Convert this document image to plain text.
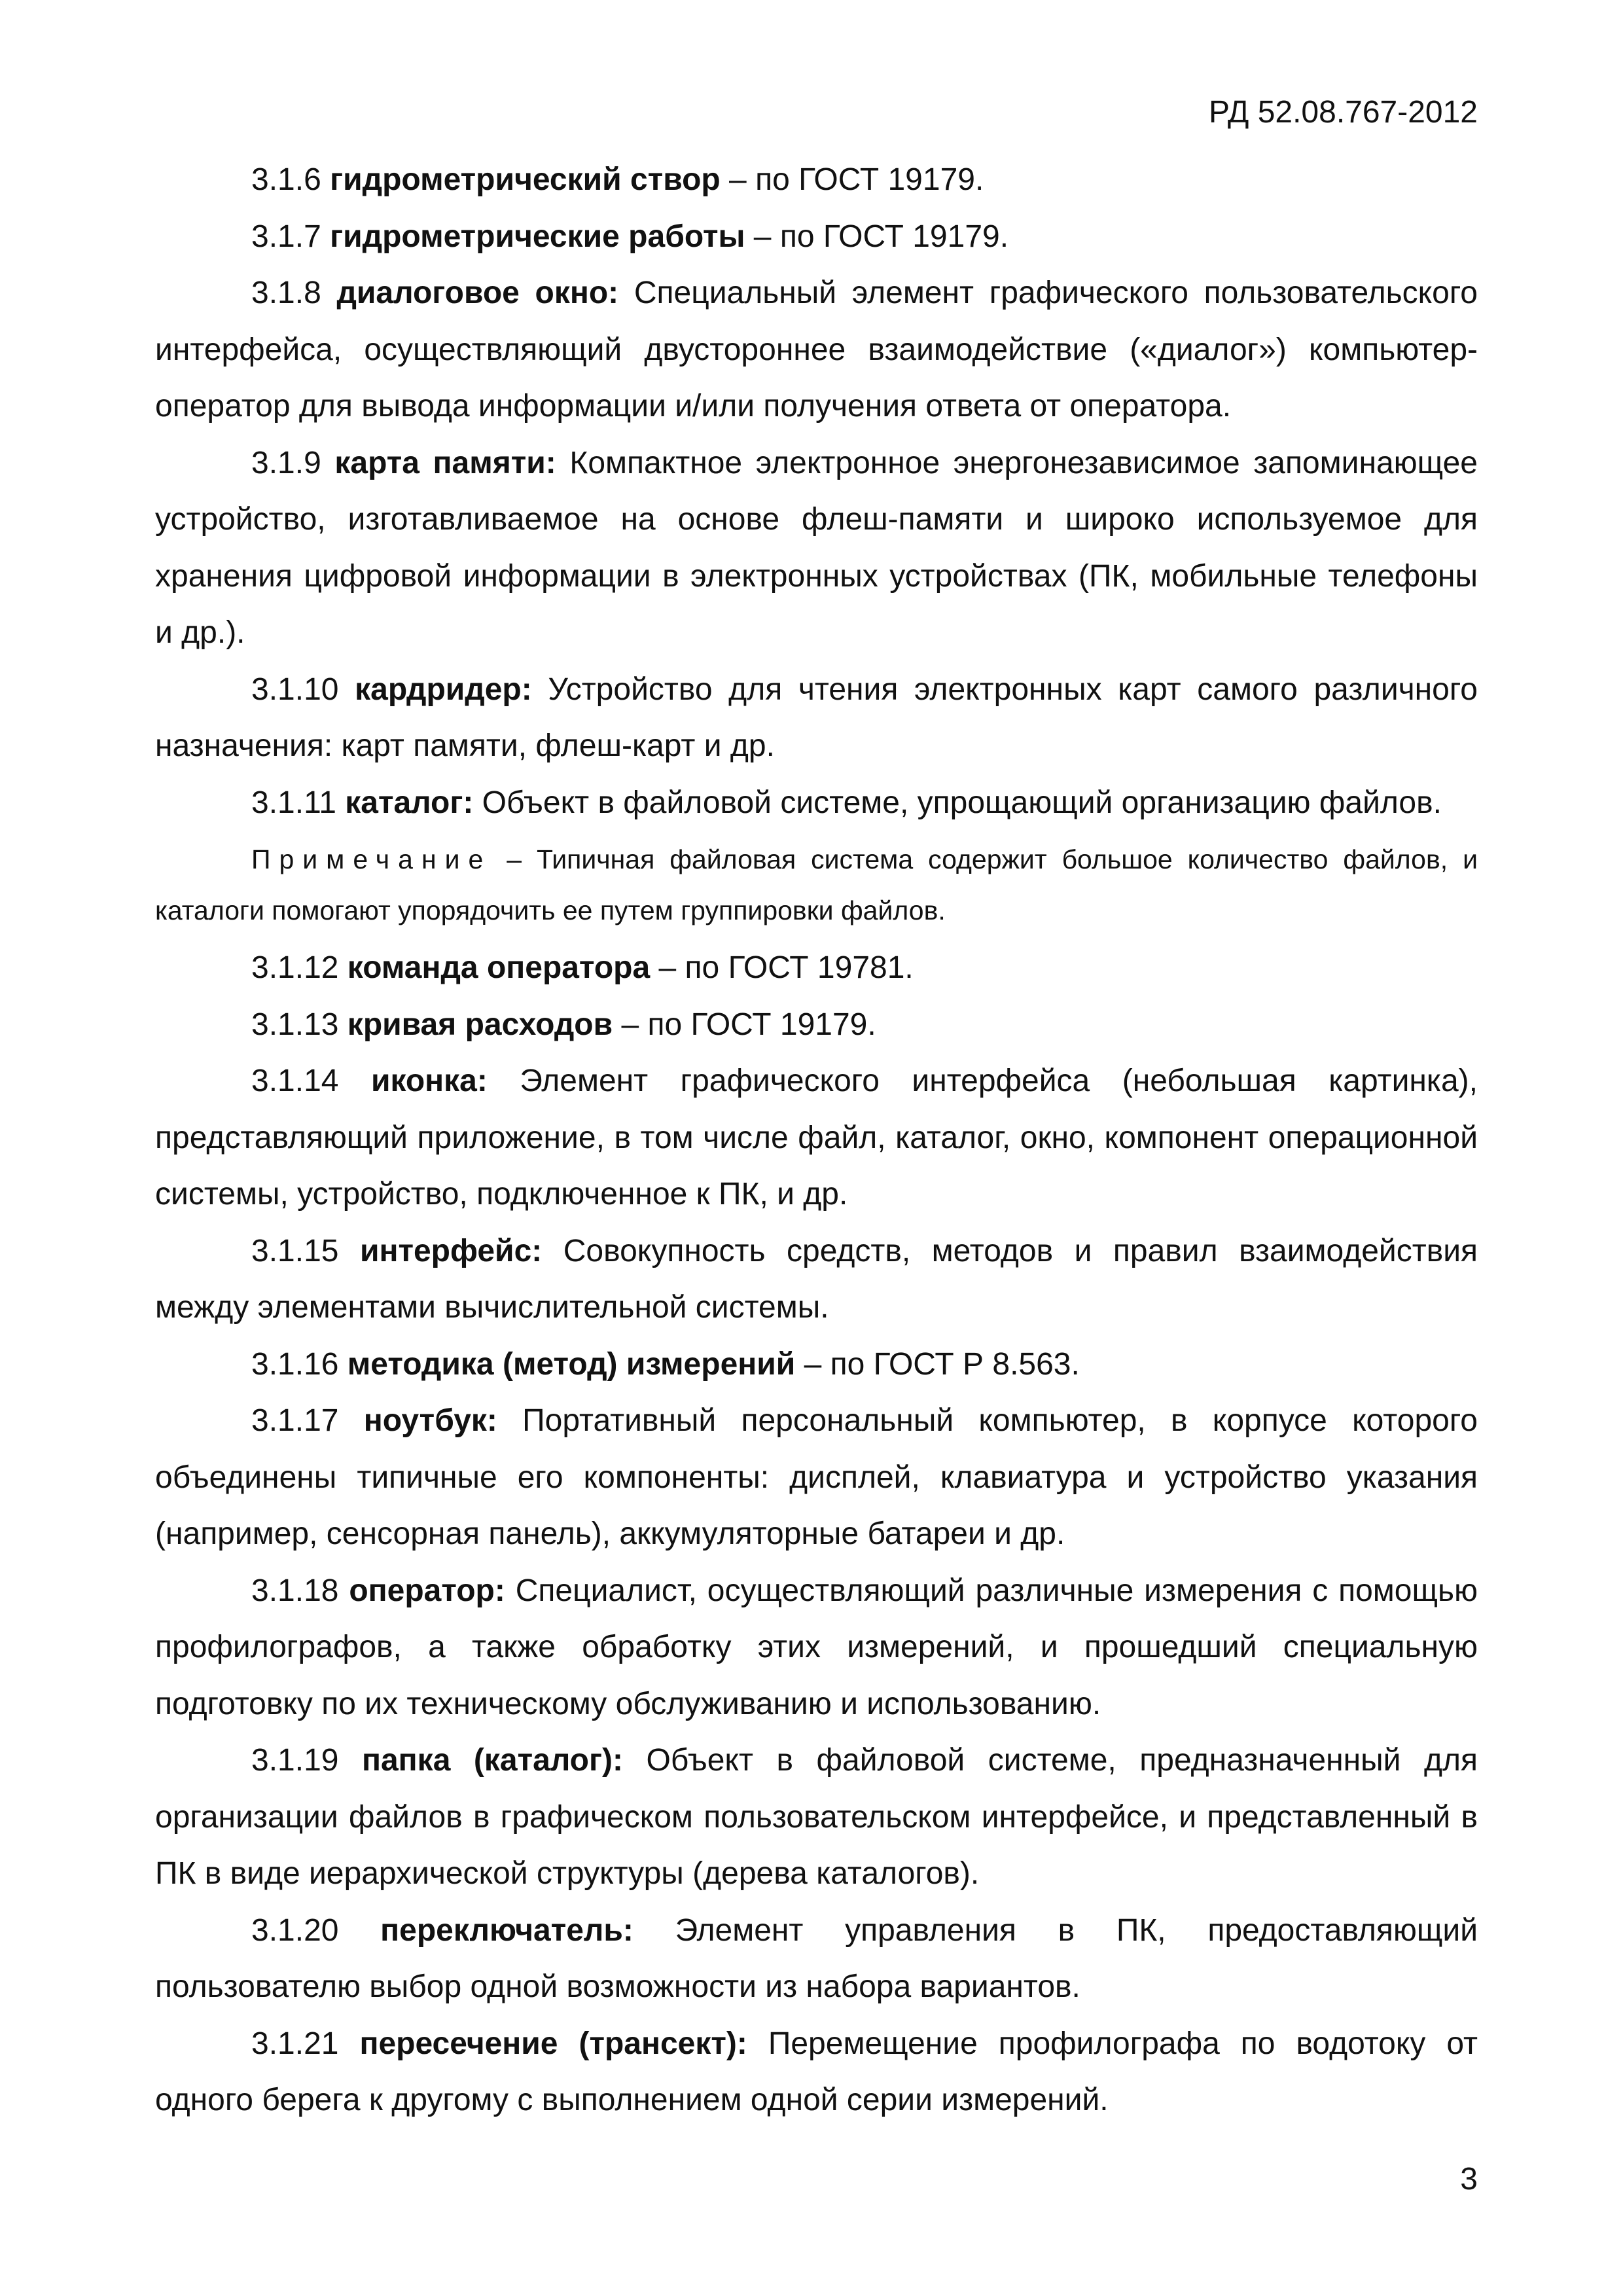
РД 52.08.767-2012

3.1.6 гидрометрический створ – по ГОСТ 19179.

3.1.7 гидрометрические работы – по ГОСТ 19179.

3.1.8 диалоговое окно: Специальный элемент графического пользовательского интерфейса, осуществляющий двустороннее взаимодействие («диалог») компьютер-оператор для вывода информации и/или получения ответа от оператора.

3.1.9 карта памяти: Компактное электронное энергонезависимое запоминающее устройство, изготавливаемое на основе флеш-памяти и широко используемое для хранения цифровой информации в электронных устройствах (ПК, мобильные телефоны и др.).

3.1.10 кардридер: Устройство для чтения электронных карт самого различного назначения: карт памяти, флеш-карт и др.

3.1.11 каталог: Объект в файловой системе, упрощающий организацию файлов.

Примечание – Типичная файловая система содержит большое количество файлов, и каталоги помогают упорядочить ее путем группировки файлов.

3.1.12 команда оператора – по ГОСТ 19781.

3.1.13 кривая расходов – по ГОСТ 19179.

3.1.14 иконка: Элемент графического интерфейса (небольшая картинка), представляющий приложение, в том числе файл, каталог, окно, компонент операционной системы, устройство, подключенное к ПК, и др.

3.1.15 интерфейс: Совокупность средств, методов и правил взаимодействия между элементами вычислительной системы.

3.1.16 методика (метод) измерений – по ГОСТ Р 8.563.

3.1.17 ноутбук: Портативный персональный компьютер, в корпусе которого объединены типичные его компоненты: дисплей, клавиатура и устройство указания (например, сенсорная панель), аккумуляторные батареи и др.

3.1.18 оператор: Специалист, осуществляющий различные измерения с помощью профилографов, а также обработку этих измерений, и прошедший специальную подготовку по их техническому обслуживанию и использованию.

3.1.19 папка (каталог): Объект в файловой системе, предназначенный для организации файлов в графическом пользовательском интерфейсе, и представленный в ПК в виде иерархической структуры (дерева каталогов).

3.1.20 переключатель: Элемент управления в ПК, предоставляющий пользователю выбор одной возможности из набора вариантов.

3.1.21 пересечение (трансект): Перемещение профилографа по водотоку от одного берега к другому с выполнением одной серии измерений.

3
